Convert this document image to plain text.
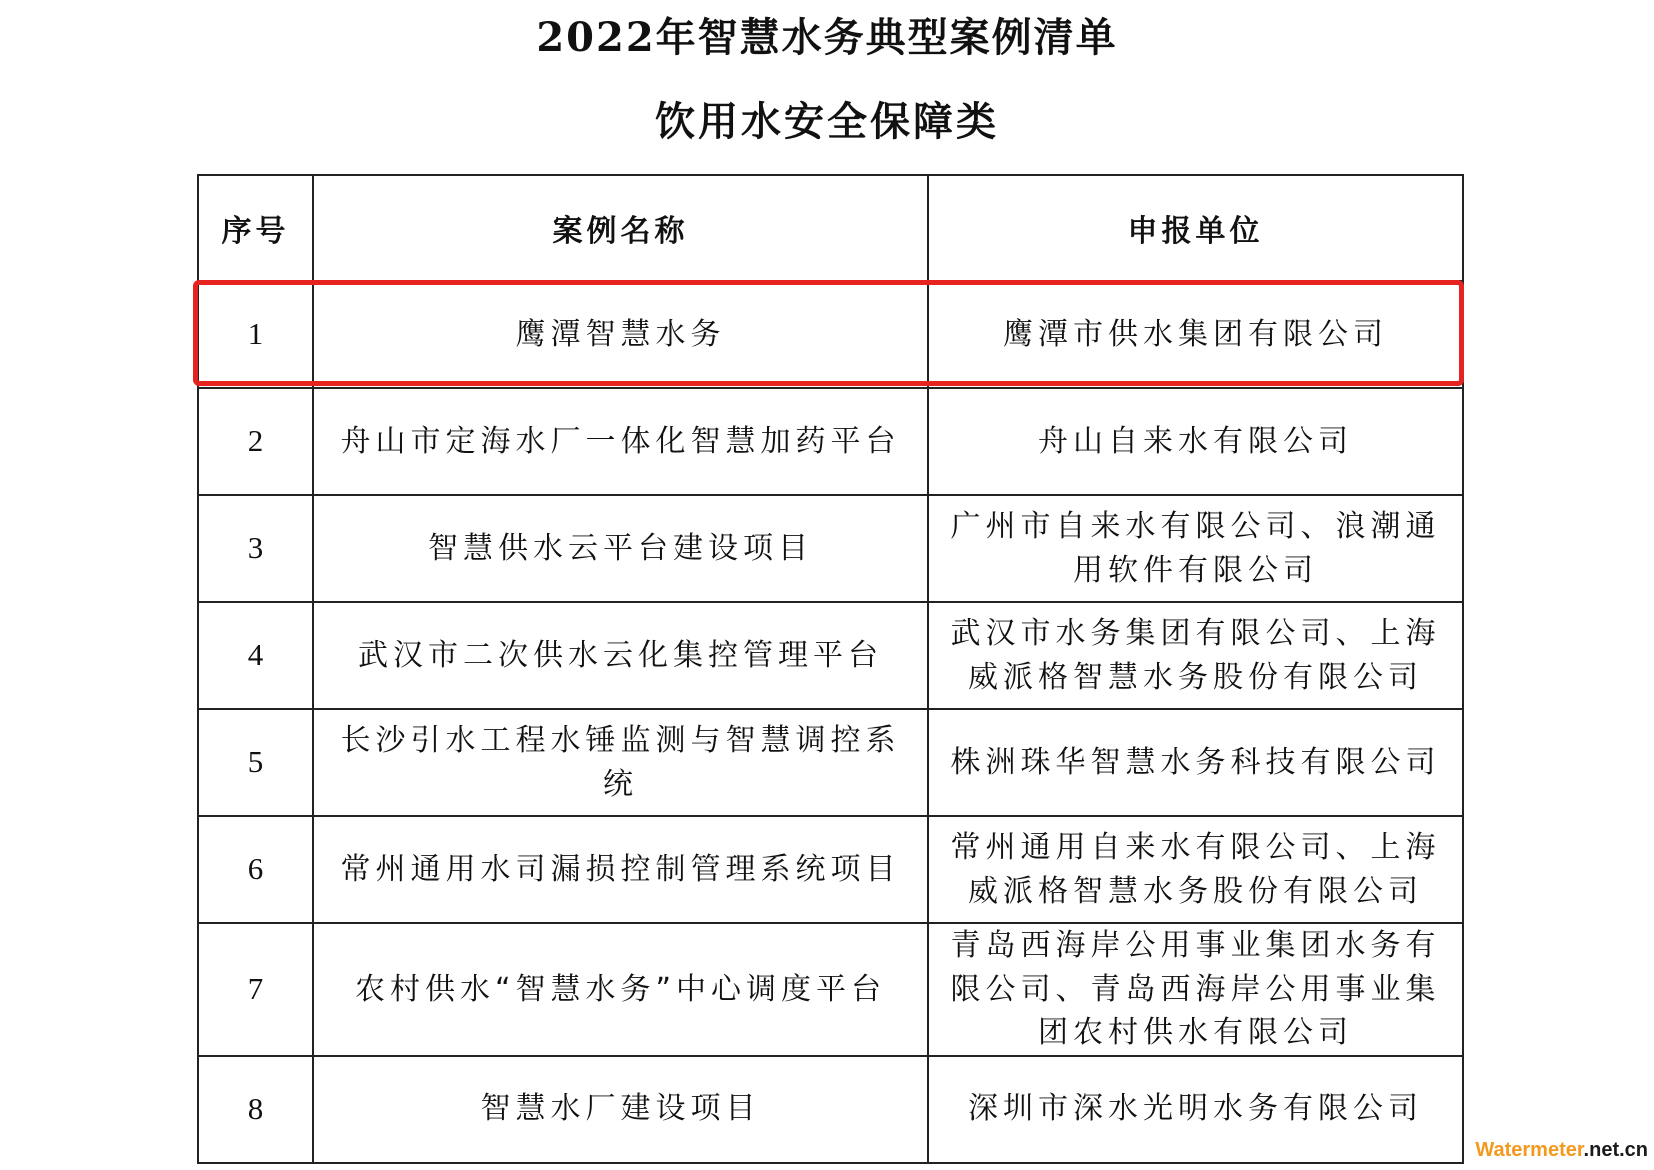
2022年智慧水务典型案例清单
饮用水安全保障类
序号	案例名称	申报单位
1	鹰潭智慧水务	鹰潭市供水集团有限公司
2	舟山市定海水厂一体化智慧加药平台	舟山自来水有限公司
3	智慧供水云平台建设项目	广州市自来水有限公司、浪潮通用软件有限公司
4	武汉市二次供水云化集控管理平台	武汉市水务集团有限公司、上海威派格智慧水务股份有限公司
5	长沙引水工程水锤监测与智慧调控系统	株洲珠华智慧水务科技有限公司
6	常州通用水司漏损控制管理系统项目	常州通用自来水有限公司、上海威派格智慧水务股份有限公司
7	农村供水“智慧水务”中心调度平台	青岛西海岸公用事业集团水务有限公司、青岛西海岸公用事业集团农村供水有限公司
8	智慧水厂建设项目	深圳市深水光明水务有限公司
Watermeter.net.cn
